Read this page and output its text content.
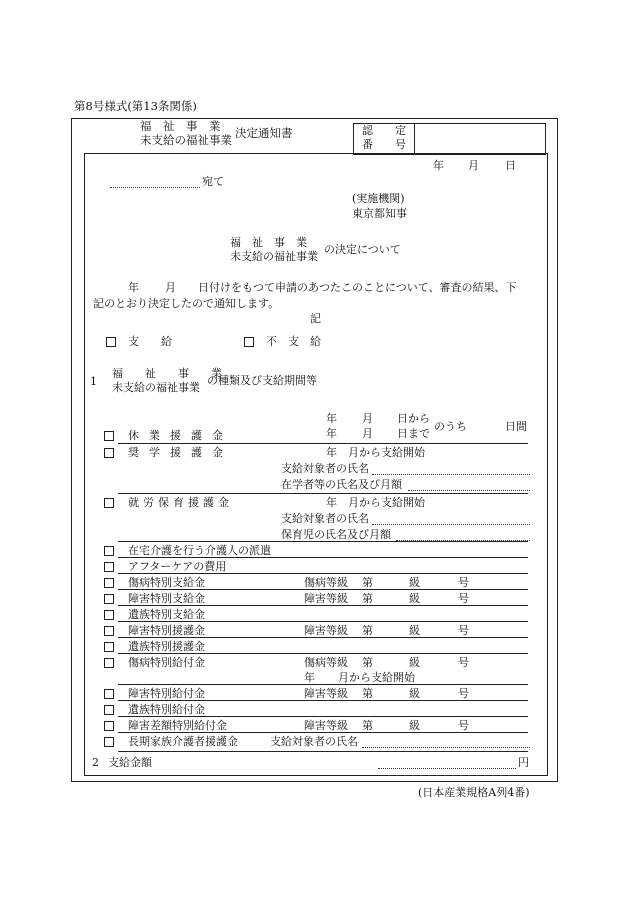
第8号様式(第13条関係)
福　祉　事　業
未支給の福祉事業 決定通知書	認　　定
番　　号
年 月 日
宛て
(実施機関)
東京都知事
福　祉　事　業
未支給の福祉事業
の決定について
年 月 日付けをもつて申請のあつたこのことについて、審査の結果、下
記のとおり決定したので通知します。
記
支　　給	不　支　給
1
福　　祉　　事　　業
未支給の福祉事業
の種類及び支給期間等
年 月 日から
年 月 日まで
のうち	日間
休業援護金
奨学援護金	年 月から支給開始
支給対象者の氏名
在学者等の氏名及び月額
就労保育援護金	年 月から支給開始
支給対象者の氏名
保育児の氏名及び月額
在宅介護を行う介護人の派遣
アフターケアの費用
傷病特別支給金	傷病等級 第	級	号
障害特別支給金	障害等級 第	級	号
遺族特別支給金
障害特別援護金	障害等級 第	級	号
遺族特別援護金
傷病特別給付金	傷病等級 第	級	号
年 月から支給開始
障害特別給付金	障害等級 第	級	号
遺族特別給付金
障害差額特別給付金	障害等級 第	級	号
長期家族介護者援護金	支給対象者の氏名
2 支給金額	円
(日本産業規格A列4番)
